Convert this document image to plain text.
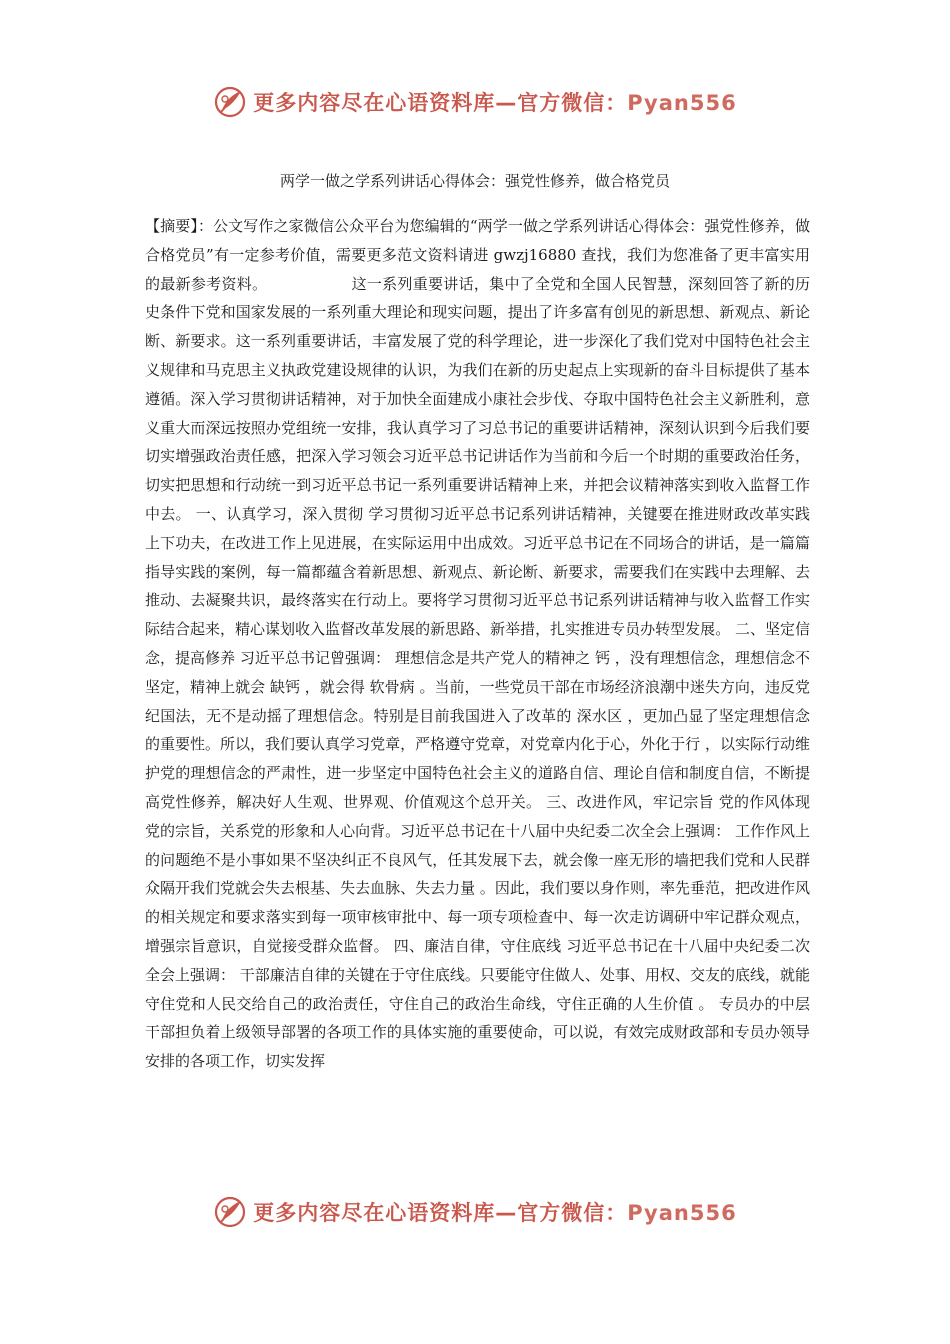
更多内容尽在心语资料库—官方微信：Pyan556
两学一做之学系列讲话心得体会：强党性修养，做合格党员

【摘要】：公文写作之家微信公众平台为您编辑的“两学一做之学系列讲话心得体会：强党性修养，做合格党员”有一定参考价值，需要更多范文资料请进 gwzj16880 查找，我们为您准备了更丰富实用的最新参考资料。　　　　　　这一系列重要讲话，集中了全党和全国人民智慧，深刻回答了新的历史条件下党和国家发展的一系列重大理论和现实问题，提出了许多富有创见的新思想、新观点、新论断、新要求。这一系列重要讲话，丰富发展了党的科学理论，进一步深化了我们党对中国特色社会主义规律和马克思主义执政党建设规律的认识，为我们在新的历史起点上实现新的奋斗目标提供了基本遵循。深入学习贯彻讲话精神，对于加快全面建成小康社会步伐、夺取中国特色社会主义新胜利，意义重大而深远按照办党组统一安排，我认真学习了习总书记的重要讲话精神，深刻认识到今后我们要切实增强政治责任感，把深入学习领会习近平总书记讲话作为当前和今后一个时期的重要政治任务，切实把思想和行动统一到习近平总书记一系列重要讲话精神上来，并把会议精神落实到收入监督工作中去。 一、认真学习，深入贯彻 学习贯彻习近平总书记系列讲话精神，关键要在推进财政改革实践上下功夫，在改进工作上见进展，在实际运用中出成效。习近平总书记在不同场合的讲话，是一篇篇指导实践的案例，每一篇都蕴含着新思想、新观点、新论断、新要求，需要我们在实践中去理解、去推动、去凝聚共识，最终落实在行动上。要将学习贯彻习近平总书记系列讲话精神与收入监督工作实际结合起来，精心谋划收入监督改革发展的新思路、新举措，扎实推进专员办转型发展。 二、坚定信念，提高修养 习近平总书记曾强调： 理想信念是共产党人的精神之 钙 ，没有理想信念，理想信念不坚定，精神上就会 缺钙 ，就会得 软骨病 。当前，一些党员干部在市场经济浪潮中迷失方向，违反党纪国法，无不是动摇了理想信念。特别是目前我国进入了改革的 深水区 ，更加凸显了坚定理想信念的重要性。所以，我们要认真学习党章，严格遵守党章，对党章内化于心，外化于行 ，以实际行动维护党的理想信念的严肃性，进一步坚定中国特色社会主义的道路自信、理论自信和制度自信，不断提高党性修养，解决好人生观、世界观、价值观这个总开关。 三、改进作风，牢记宗旨 党的作风体现党的宗旨，关系党的形象和人心向背。习近平总书记在十八届中央纪委二次全会上强调： 工作作风上的问题绝不是小事如果不坚决纠正不良风气，任其发展下去，就会像一座无形的墙把我们党和人民群众隔开我们党就会失去根基、失去血脉、失去力量 。因此，我们要以身作则，率先垂范，把改进作风的相关规定和要求落实到每一项审核审批中、每一项专项检查中、每一次走访调研中牢记群众观点，增强宗旨意识，自觉接受群众监督。 四、廉洁自律，守住底线 习近平总书记在十八届中央纪委二次全会上强调： 干部廉洁自律的关键在于守住底线。只要能守住做人、处事、用权、交友的底线，就能守住党和人民交给自己的政治责任，守住自己的政治生命线，守住正确的人生价值 。 专员办的中层干部担负着上级领导部署的各项工作的具体实施的重要使命，可以说，有效完成财政部和专员办领导安排的各项工作，切实发挥

更多内容尽在心语资料库—官方微信：Pyan556
